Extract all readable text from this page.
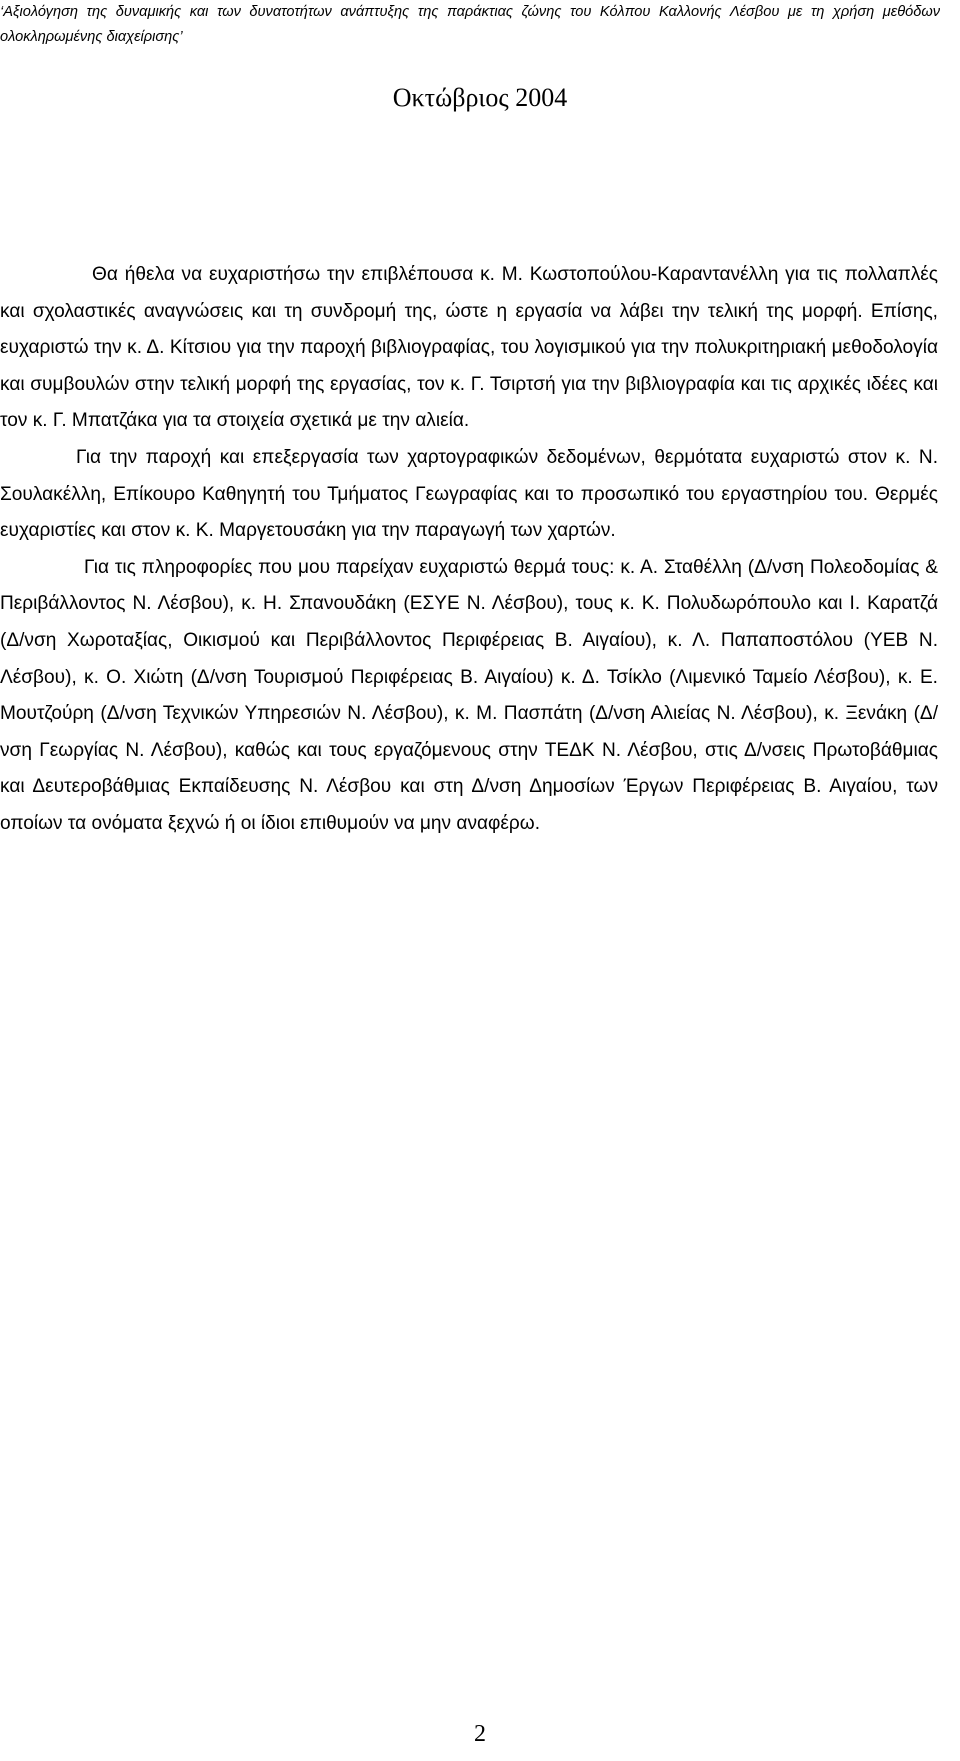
‘Αξιολόγηση της δυναμικής και των δυνατοτήτων ανάπτυξης της παράκτιας ζώνης του Κόλπου Καλλονής Λέσβου με τη χρήση μεθόδων ολοκληρωμένης διαχείρισης’
Οκτώβριος 2004

Θα ήθελα να ευχαριστήσω την επιβλέπουσα κ. Μ. Κωστοπούλου-Καραντανέλλη για τις πολλαπλές και σχολαστικές αναγνώσεις και τη συνδρομή της, ώστε η εργασία να λάβει την τελική της μορφή. Επίσης, ευχαριστώ την κ. Δ. Κίτσιου για την παροχή βιβλιογραφίας, του λογισμικού για την πολυκριτηριακή μεθοδολογία και συμβουλών στην τελική μορφή της εργασίας, τον κ. Γ. Τσιρτσή για την βιβλιογραφία και τις αρχικές ιδέες και τον κ. Γ. Μπατζάκα για τα στοιχεία σχετικά με την αλιεία.

Για την παροχή και επεξεργασία των χαρτογραφικών δεδομένων, θερμότατα ευχαριστώ στον κ. Ν. Σουλακέλλη, Επίκουρο Καθηγητή του Τμήματος Γεωγραφίας και το προσωπικό του εργαστηρίου του. Θερμές ευχαριστίες και στον κ. Κ. Μαργετουσάκη για την παραγωγή των χαρτών.

Για τις πληροφορίες που μου παρείχαν ευχαριστώ θερμά τους: κ. Α. Σταθέλλη (Δ/νση Πολεοδομίας & Περιβάλλοντος Ν. Λέσβου), κ. Η. Σπανουδάκη (ΕΣΥΕ Ν. Λέσβου), τους κ. Κ. Πολυδωρόπουλο και Ι. Καρατζά (Δ/νση Χωροταξίας, Οικισμού και Περιβάλλοντος Περιφέρειας Β. Αιγαίου), κ. Λ. Παπαποστόλου (ΥΕΒ Ν. Λέσβου), κ. Ο. Χιώτη (Δ/νση Τουρισμού Περιφέρειας Β. Αιγαίου) κ. Δ. Τσίκλο (Λιμενικό Ταμείο Λέσβου), κ. Ε. Μουτζούρη (Δ/νση Τεχνικών Υπηρεσιών Ν. Λέσβου), κ. Μ. Πασπάτη (Δ/νση Αλιείας Ν. Λέσβου), κ. Ξενάκη (Δ/νση Γεωργίας Ν. Λέσβου), καθώς και τους εργαζόμενους στην ΤΕΔΚ Ν. Λέσβου, στις Δ/νσεις Πρωτοβάθμιας και Δευτεροβάθμιας Εκπαίδευσης Ν. Λέσβου και στη Δ/νση Δημοσίων Έργων Περιφέρειας Β. Αιγαίου, των οποίων τα ονόματα ξεχνώ ή οι ίδιοι επιθυμούν να μην αναφέρω.

2
